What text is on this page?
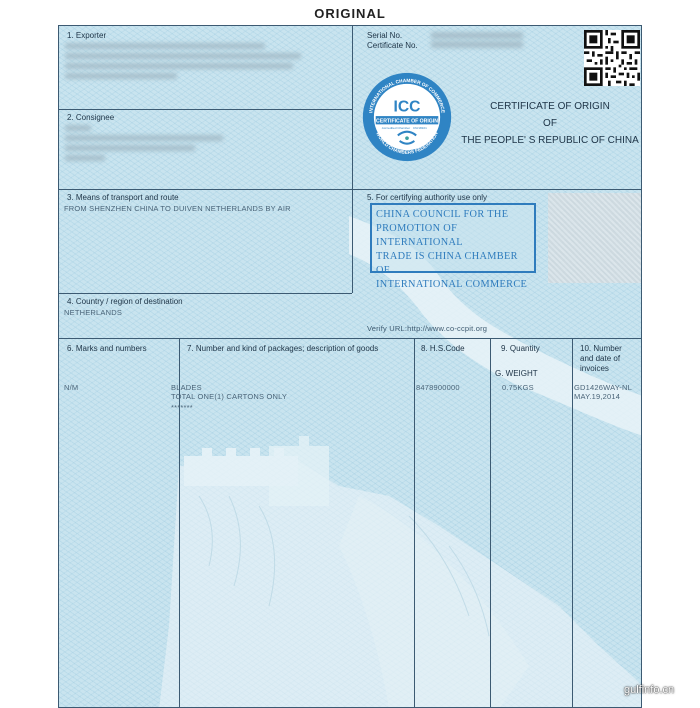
ORIGINAL
1. Exporter	Serial No.
Certificate No.
2. Consignee
INTERNATIONAL CHAMBER OF COMMERCE
WORLD CHAMBERS FEDERATION
ICC
CERTIFICATE OF ORIGIN
Accredited Chamber CN/18101
CERTIFICATE OF ORIGIN
OF
THE PEOPLE' S REPUBLIC OF CHINA
3. Means of transport and route
FROM SHENZHEN CHINA TO DUIVEN NETHERLANDS BY AIR
5. For certifying authority use only
CHINA COUNCIL FOR THE
PROMOTION OF INTERNATIONAL
TRADE IS CHINA CHAMBER OF
INTERNATIONAL COMMERCE
Verify URL:http://www.co-ccpit.org
4. Country / region of destination
NETHERLANDS
6. Marks and numbers	7. Number and kind of packages; description of goods	8. H.S.Code	9. Quantity
G. WEIGHT
10. Number
and date of
invoices
N/M	BLADES
TOTAL ONE(1) CARTONS ONLY
*******
8478900000	0.75KGS	GD1426WAY-NL
MAY.19,2014
gulfinfo.cn
